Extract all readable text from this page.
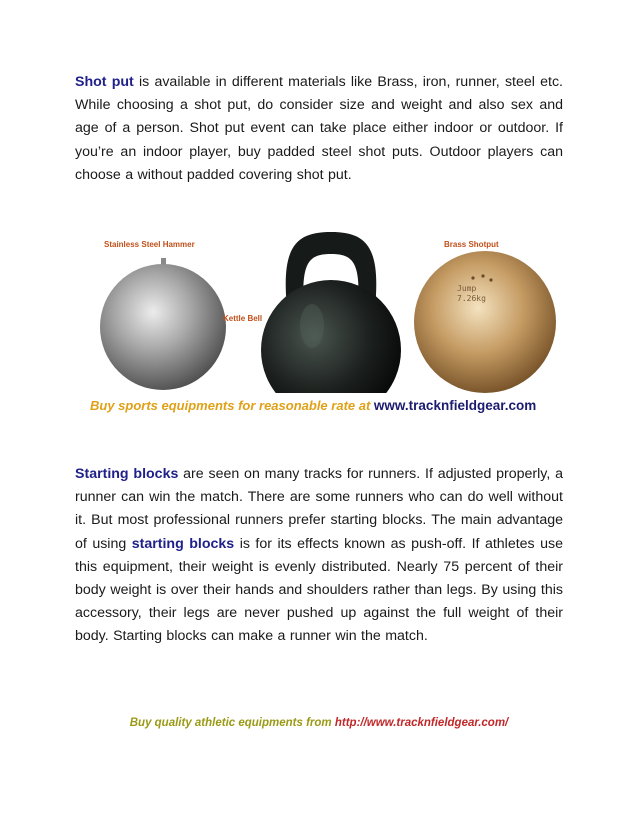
Shot put is available in different materials like Brass, iron, runner, steel etc. While choosing a shot put, do consider size and weight and also sex and age of a person. Shot put event can take place either indoor or outdoor. If you’re an indoor player, buy padded steel shot puts. Outdoor players can choose a without padded covering shot put.

Jump
7.26kg
Stainless Steel Hammer
Kettle Bell
Brass Shotput
Buy sports equipments for reasonable rate at www.tracknfieldgear.com

Starting blocks are seen on many tracks for runners. If adjusted properly, a runner can win the match. There are some runners who can do well without it. But most professional runners prefer starting blocks. The main advantage of using starting blocks is for its effects known as push-off. If athletes use this equipment, their weight is evenly distributed. Nearly 75 percent of their body weight is over their hands and shoulders rather than legs. By using this accessory, their legs are never pushed up against the full weight of their body. Starting blocks can make a runner win the match.

Buy quality athletic equipments from http://www.tracknfieldgear.com/
